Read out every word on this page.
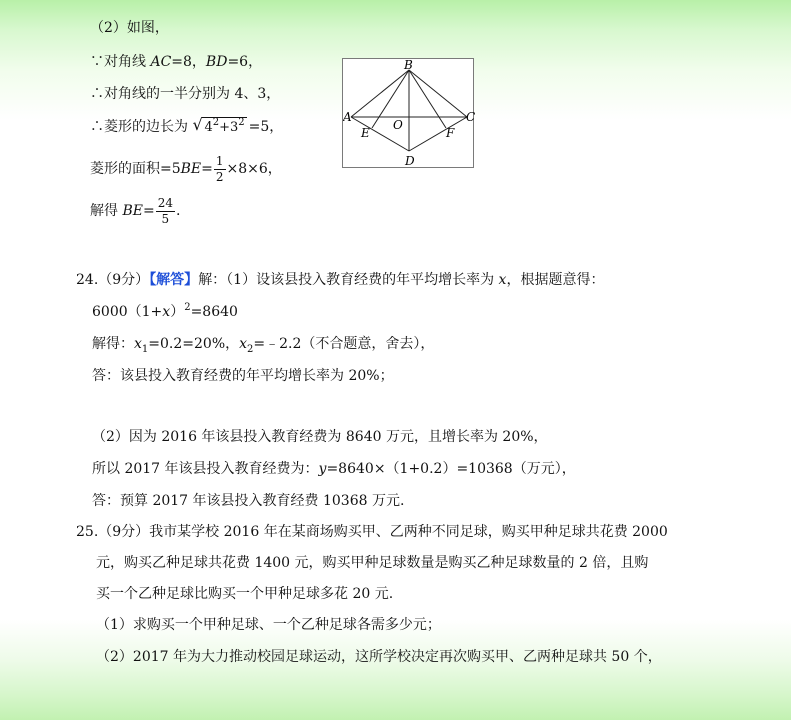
（2）如图，
∵对角线 AC=8，BD=6，
∴对角线的一半分别为 4、3，
∴菱形的边长为 √ $4^2+3^2 =5$，
菱形的面积$=5BE= \frac{1}{2} \times 8\times 6$，
解得 $BE= \frac{24}{5}$ .
24.（9分）【解答】解：（1）设该县投入教育经费的年平均增长率为 x，根据题意得：
$6000(1+x)^2=8640$
解得：$x_1=0.2=20\%$，$x_2=﹣2.2$（不合题意，舍去），
答：该县投入教育经费的年平均增长率为 20%；
（2）因为 2016 年该县投入教育经费为 8640 万元，且增长率为 20%，
所以 2017 年该县投入教育经费为：y=8640×（1+0.2）=10368（万元），
答：预算 2017 年该县投入教育经费 10368 万元.
25.（9分）我市某学校 2016 年在某商场购买甲、乙两种不同足球，购买甲种足球共花费 2000
元，购买乙种足球共花费 1400 元，购买甲种足球数量是购买乙种足球数量的 2 倍，且购
买一个乙种足球比购买一个甲种足球多花 20 元.
（1）求购买一个甲种足球、一个乙种足球各需多少元；
（2）2017 年为大力推动校园足球运动，这所学校决定再次购买甲、乙两种足球共 50 个，
B
A
O
C
E	F
D
